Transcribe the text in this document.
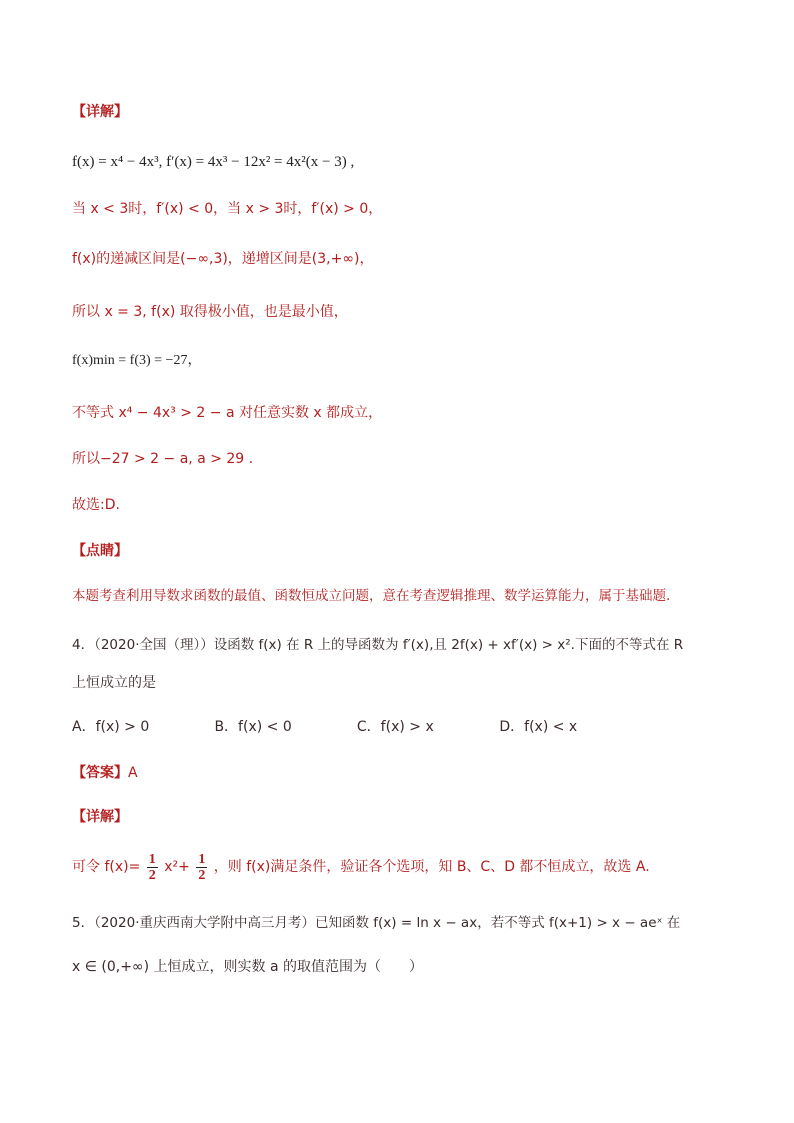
【详解】
f(x) = x⁴ − 4x³, f′(x) = 4x³ − 12x² = 4x²(x − 3) ,
当 x < 3时，f′(x) < 0，当 x > 3时，f′(x) > 0，
f(x)的递减区间是(−∞,3)，递增区间是(3,+∞)，
所以 x = 3, f(x) 取得极小值，也是最小值，
f(x)min = f(3) = −27，
不等式 x⁴ − 4x³ > 2 − a 对任意实数 x 都成立，
所以−27 > 2 − a, a > 29 .
故选:D.
【点睛】
本题考查利用导数求函数的最值、函数恒成立问题，意在考查逻辑推理、数学运算能力，属于基础题.
4．（2020·全国（理））设函数 f(x) 在 R 上的导函数为 f′(x),且 2f(x) + xf′(x) > x².下面的不等式在 R
上恒成立的是
A．f(x) > 0	B．f(x) < 0	C．f(x) > x	D．f(x) < x
【答案】A
【详解】
可令 $f(x)= \frac{1}{2} x^2+ \frac{1}{2}$ ，则 f(x)满足条件，验证各个选项，知 B、C、D 都不恒成立，故选 A.
5．（2020·重庆西南大学附中高三月考）已知函数 f(x) = ln x − ax，若不等式 f(x+1) > x − aeˣ 在
x ∈ (0,+∞) 上恒成立，则实数 a 的取值范围为（　　）
